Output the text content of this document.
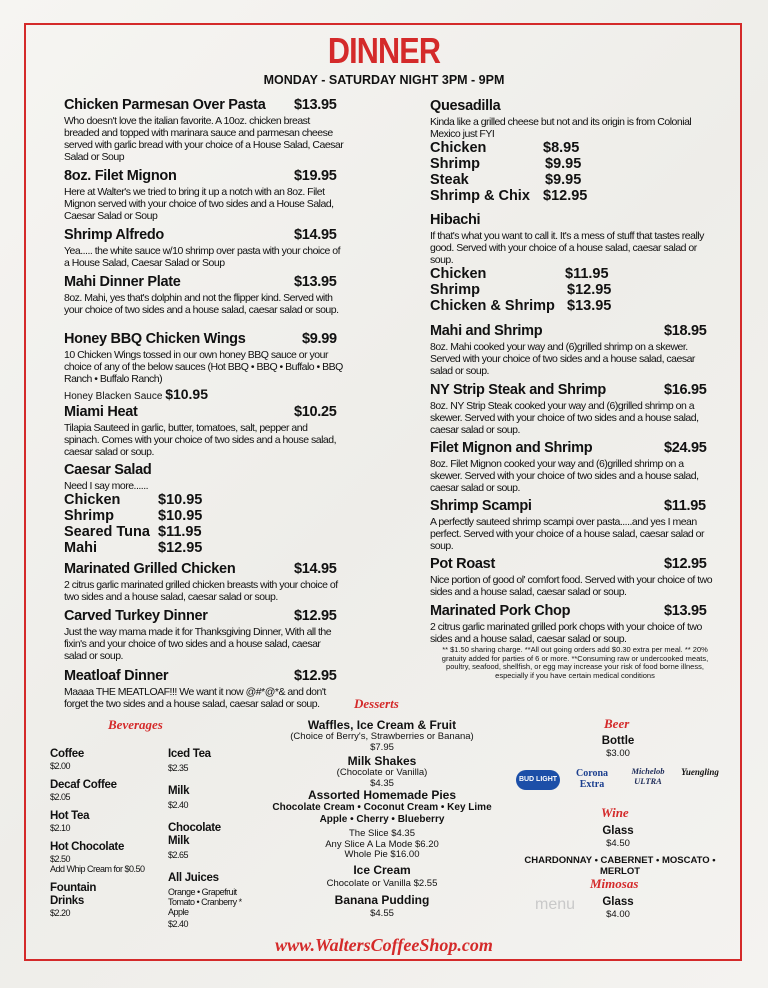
DINNER
MONDAY - SATURDAY NIGHT 3PM - 9PM
Chicken Parmesan Over Pasta $13.95
Who doesn't love the italian favorite. A 10oz. chicken breast breaded and topped with marinara sauce and parmesan cheese served with garlic bread with your choice of a House Salad, Caesar Salad or Soup
8oz. Filet Mignon	$19.95
Here at Walter's we tried to bring it up a notch with an 8oz. Filet Mignon served with your choice of two sides and a House Salad, Caesar Salad or Soup
Shrimp Alfredo	$14.95
Yea..... the white sauce w/10 shrimp over pasta with your choice of a House Salad, Caesar Salad or Soup
Mahi Dinner Plate	$13.95
8oz. Mahi, yes that's dolphin and not the flipper kind. Served with your choice of two sides and a house salad, caesar salad or soup.
Honey BBQ Chicken Wings	$9.99
10 Chicken Wings tossed in our own honey BBQ sauce or your choice of any of the below sauces (Hot BBQ • BBQ • Buffalo • BBQ Ranch • Buffalo Ranch)
Honey Blacken Sauce $10.95
Miami Heat	$10.25
Tilapia Sauteed in garlic, butter, tomatoes, salt, pepper and spinach. Comes with your choice of two sides and a house salad, caesar salad or soup.
Caesar Salad
Need I say more......
Chicken	$10.95
Shrimp	$10.95
Seared Tuna $11.95
Mahi	$12.95
Marinated Grilled Chicken	$14.95
2 citrus garlic marinated grilled chicken breasts with your choice of two sides and a house salad, caesar salad or soup.
Carved Turkey Dinner	$12.95
Just the way mama made it for Thanksgiving Dinner, With all the fixin's and your choice of two sides and a house salad, caesar salad or soup.
Meatloaf Dinner	$12.95
Maaaa THE MEATLOAF!!! We want it now @#*@*& and don't forget the two sides and a house salad, caesar salad or soup.
Quesadilla
Kinda like a grilled cheese but not and its origin is from Colonial Mexico just FYI
Chicken	$8.95
Shrimp	$9.95
Steak	$9.95
Shrimp & Chix $12.95
Hibachi
If that's what you want to call it. It's a mess of stuff that tastes really good. Served with your choice of a house salad, caesar salad or soup.
Chicken	$11.95
Shrimp	$12.95
Chicken & Shrimp $13.95
Mahi and Shrimp	$18.95
8oz. Mahi cooked your way and (6)grilled shrimp on a skewer. Served with your choice of two sides and a house salad, caesar salad or soup.
NY Strip Steak and Shrimp	$16.95
8oz. NY Strip Steak cooked your way and (6)grilled shrimp on a skewer. Served with your choice of two sides and a house salad, caesar salad or soup.
Filet Mignon and Shrimp	$24.95
8oz. Filet Mignon cooked your way and (6)grilled shrimp on a skewer. Served with your choice of two sides and a house salad, caesar salad or soup.
Shrimp Scampi	$11.95
A perfectly sauteed shrimp scampi over pasta.....and yes I mean perfect. Served with your choice of a house salad, caesar salad or soup.
Pot Roast	$12.95
Nice portion of good ol' comfort food. Served with your choice of two sides and a house salad, caesar salad or soup.
Marinated Pork Chop	$13.95
2 citrus garlic marinated grilled pork chops with your choice of two sides and a house salad, caesar salad or soup.
** $1.50 sharing charge. **All out going orders add $0.30 extra per meal. ** 20% gratuity added for parties of 6 or more. **Consuming raw or undercooked meats, poultry, seafood, shellfish, or egg may increase your risk of food borne illness, especially if you have certain medical conditions
Beverages
Coffee
$2.00
Decaf Coffee
$2.05
Hot Tea
$2.10
Hot Chocolate
$2.50
Add Whip Cream for $0.50
Fountain Drinks
$2.20
Iced Tea
$2.35
Milk
$2.40
Chocolate Milk
$2.65
All Juices
Orange • Grapefruit Tomato • Cranberry * Apple
$2.40
Desserts
Waffles, Ice Cream & Fruit
(Choice of Berry's, Strawberries or Banana)
$7.95
Milk Shakes
(Chocolate or Vanilla)
$4.35
Assorted Homemade Pies
Chocolate Cream • Coconut Cream • Key Lime
Apple • Cherry • Blueberry
The Slice $4.35
Any Slice A La Mode $6.20
Whole Pie $16.00
Ice Cream
Chocolate or Vanilla $2.55
Banana Pudding
$4.55
Beer
Bottle
$3.00
BUD LIGHT
Corona Extra
Michelob ULTRA
Yuengling
Wine
Glass
$4.50
CHARDONNAY • CABERNET • MOSCATO • MERLOT
Mimosas
Glass
$4.00
menu
www.WaltersCoffeeShop.com
